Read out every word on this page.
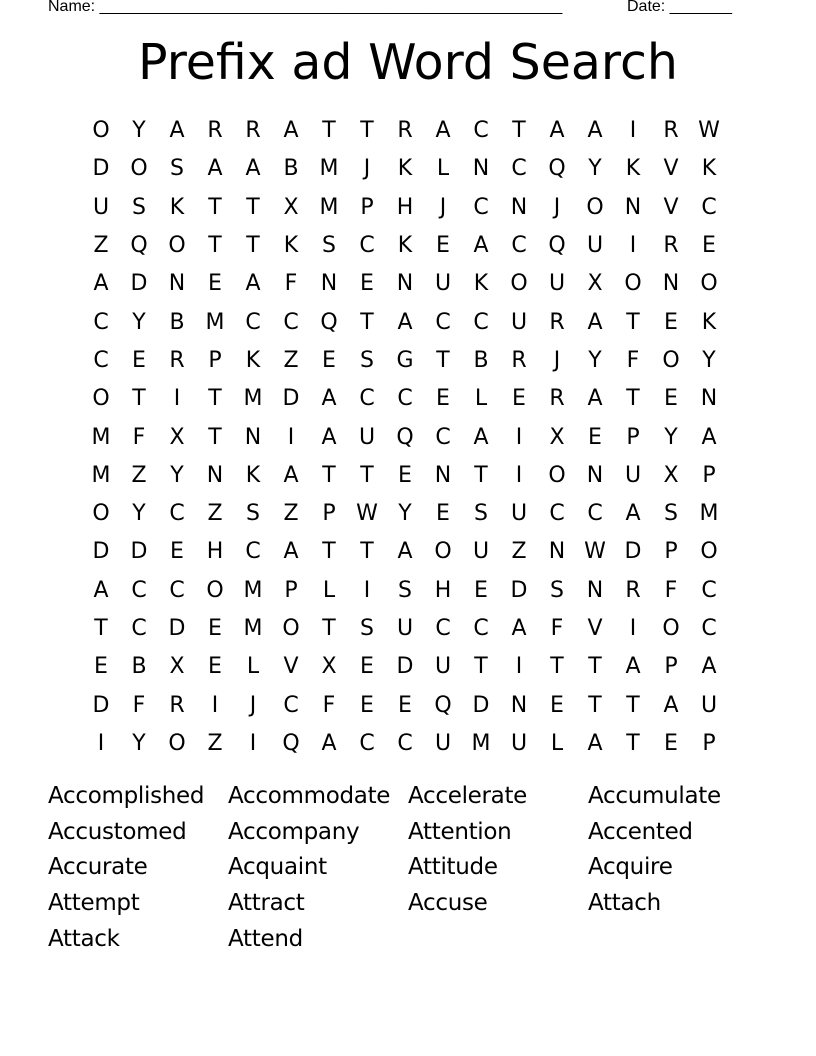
Name: ____________________________________________________	Date: _______
Prefix ad Word Search
O	Y	A	R	R	A	T	T	R	A	C	T	A	A	I	R W
D O	S	A	A	B M	J	K	L	N	C Q	Y	K	V	K
U	S	K	T	T	X M P	H	J	C	N	J	O N	V	C
Z Q O	T	T	K	S	C	K	E	A	C Q U	I	R	E
A D N	E	A	F	N	E	N U	K	O U	X O N O
C	Y	B M C	C Q	T	A	C	C	U	R	A	T	E	K
C	E	R	P	K	Z	E	S	G	T	B	R	J	Y	F	O	Y
O	T	I	T M D	A	C	C	E	L	E	R	A	T	E	N
M	F	X	T	N	I	A	U Q C	A	I	X	E	P	Y	A
M Z	Y	N	K	A	T	T	E	N	T	I	O N U	X	P
O	Y	C	Z	S	Z	P W Y	E	S	U	C	C	A	S M
D D	E	H	C	A	T	T	A O U	Z	N W D	P	O
A	C	C O M P	L	I	S	H	E	D	S	N	R	F	C
T	C D	E M O	T	S	U	C	C	A	F	V	I	O C
E	B	X	E	L	V	X	E	D U	T	I	T	T	A	P	A
D	F	R	I	J	C	F	E	E	Q D N	E	T	T	A	U
I	Y	O Z	I	Q A	C	C	U M U	L	A	T	E	P
Accomplished	Accommodate Accelerate	Accumulate
Accustomed	Accompany	Attention	Accented
Accurate	Acquaint	Attitude	Acquire
Attempt	Attract	Accuse	Attach
Attack	Attend
